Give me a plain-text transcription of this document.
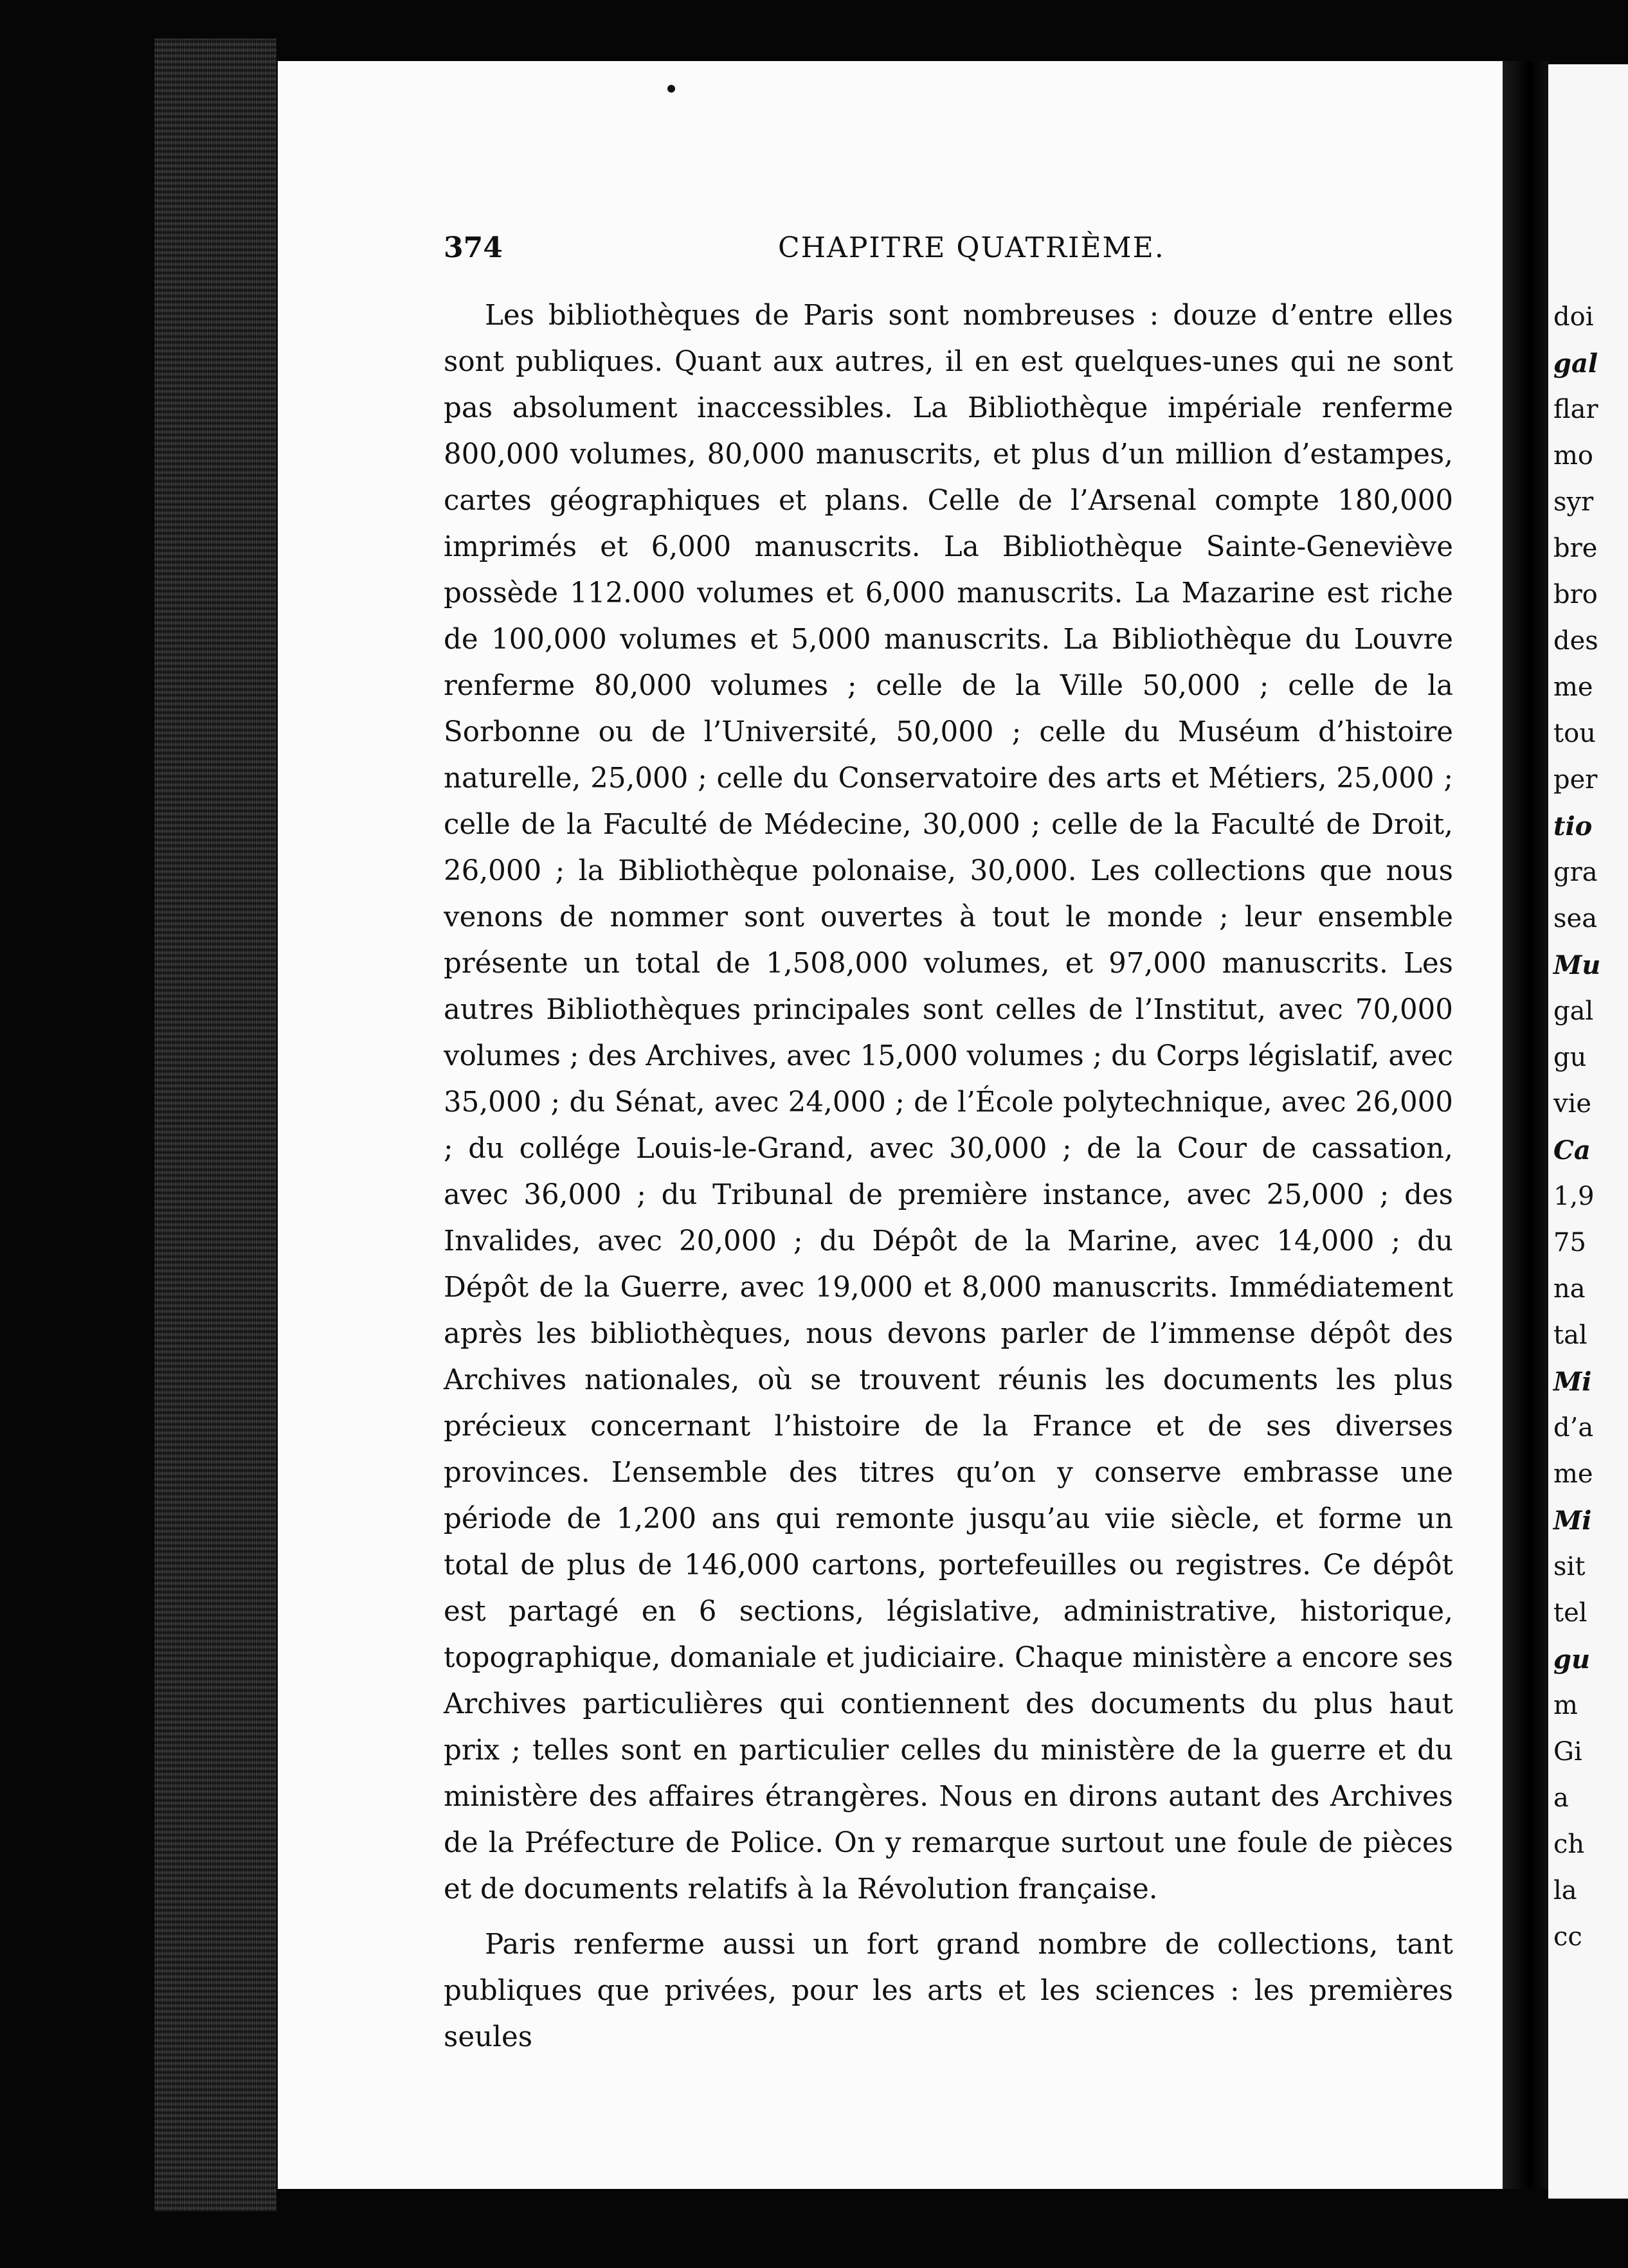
374	CHAPITRE QUATRIÈME.

Les bibliothèques de Paris sont nombreuses : douze d’entre elles sont publiques. Quant aux autres, il en est quelques-unes qui ne sont pas absolument inaccessibles. La Bibliothèque impériale renferme 800,000 volumes, 80,000 manuscrits, et plus d’un million d’estampes, cartes géographiques et plans. Celle de l’Arsenal compte 180,000 imprimés et 6,000 manuscrits. La Bibliothèque Sainte-Geneviève possède 112.000 volumes et 6,000 manuscrits. La Mazarine est riche de 100,000 volumes et 5,000 manuscrits. La Bibliothèque du Louvre renferme 80,000 volumes ; celle de la Ville 50,000 ; celle de la Sorbonne ou de l’Université, 50,000 ; celle du Muséum d’histoire naturelle, 25,000 ; celle du Conservatoire des arts et Métiers, 25,000 ; celle de la Faculté de Médecine, 30,000 ; celle de la Faculté de Droit, 26,000 ; la Bibliothèque polonaise, 30,000. Les collections que nous venons de nommer sont ouvertes à tout le monde ; leur ensemble présente un total de 1,508,000 volumes, et 97,000 manuscrits. Les autres Bibliothèques principales sont celles de l’Institut, avec 70,000 volumes ; des Archives, avec 15,000 volumes ; du Corps législatif, avec 35,000 ; du Sénat, avec 24,000 ; de l’École polytechnique, avec 26,000 ; du collége Louis-le-Grand, avec 30,000 ; de la Cour de cassation, avec 36,000 ; du Tribunal de première instance, avec 25,000 ; des Invalides, avec 20,000 ; du Dépôt de la Marine, avec 14,000 ; du Dépôt de la Guerre, avec 19,000 et 8,000 manuscrits. Immédiatement après les bibliothèques, nous devons parler de l’immense dépôt des Archives nationales, où se trouvent réunis les documents les plus précieux concernant l’histoire de la France et de ses diverses provinces. L’ensemble des titres qu’on y conserve embrasse une période de 1,200 ans qui remonte jusqu’au viie siècle, et forme un total de plus de 146,000 cartons, portefeuilles ou registres. Ce dépôt est partagé en 6 sections, législative, administrative, historique, topographique, domaniale et judiciaire. Chaque ministère a encore ses Archives particulières qui contiennent des documents du plus haut prix ; telles sont en particulier celles du ministère de la guerre et du ministère des affaires étrangères. Nous en dirons autant des Archives de la Préfecture de Police. On y remarque surtout une foule de pièces et de documents relatifs à la Révolution française.

Paris renferme aussi un fort grand nombre de collections, tant publiques que privées, pour les arts et les sciences : les premières seules

doi
gal
flar
mo
syr
bre
bro
des
me
tou
per
tio
gra
sea
Mu
gal
gu
vie
Ca
1,9
75
na
tal
Mi
d’a
me
Mi
sit
tel
gu
m
Gi
a
ch
la
cc
